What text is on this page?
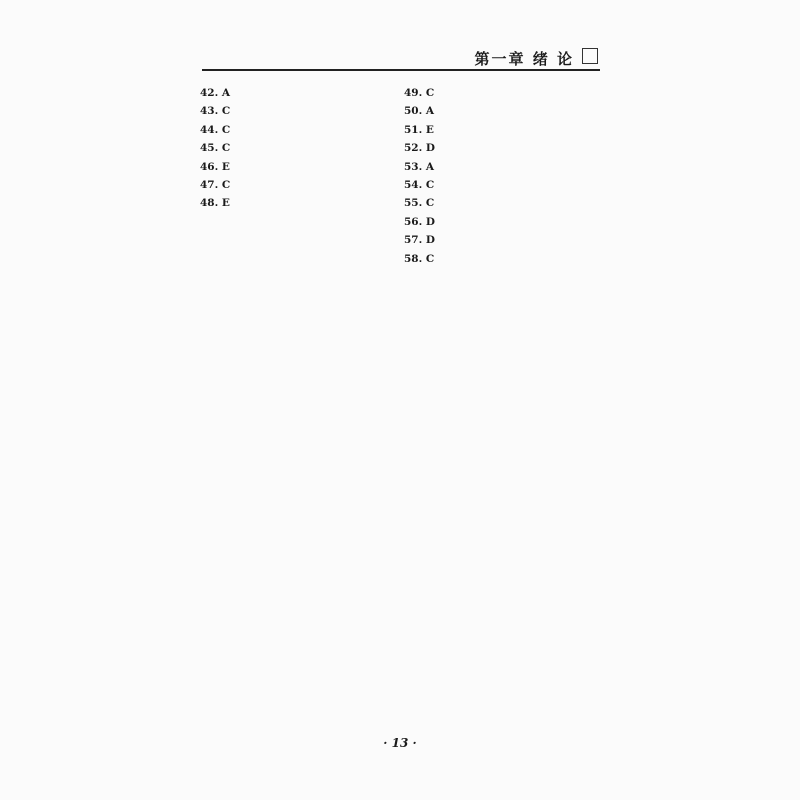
第一章 绪 论

42. A

43. C

44. C

45. C

46. E

47. C

48. E

49. C

50. A

51. E

52. D

53. A

54. C

55. C

56. D

57. D

58. C

· 13 ·
